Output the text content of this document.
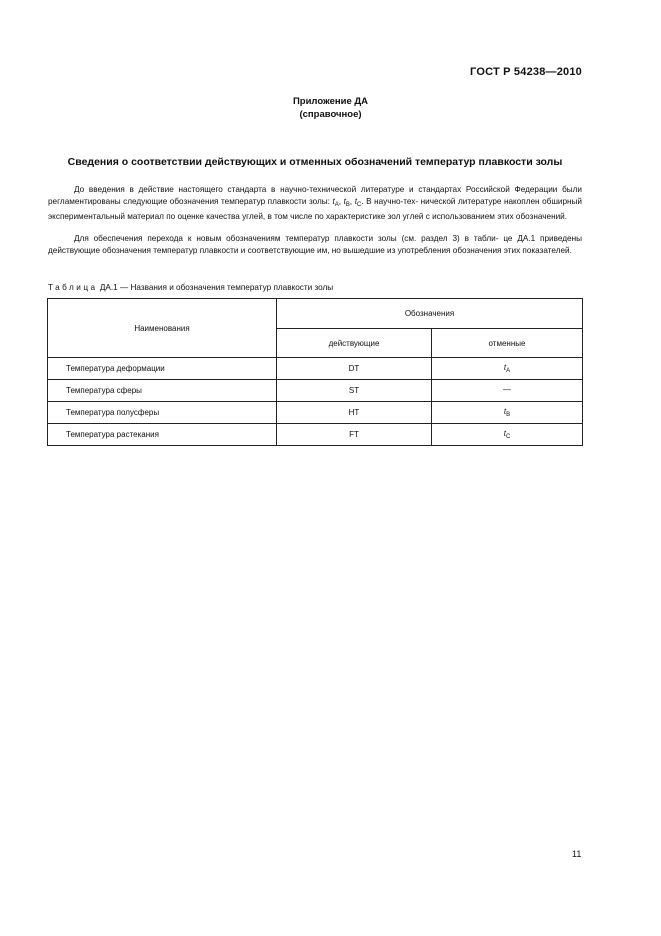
ГОСТ Р 54238—2010
Приложение ДА
(справочное)
Сведения о соответствии действующих и отменных обозначений температур плавкости золы
До введения в действие настоящего стандарта в научно-технической литературе и стандартах Российской Федерации были регламентированы следующие обозначения температур плавкости золы: $t_A$, $t_B$, $t_C$. В научно-тех- нической литературе накоплен обширный экспериментальный материал по оценке качества углей, в том числе по характеристике зол углей с использованием этих обозначений.
Для обеспечения перехода к новым обозначениям температур плавкости золы (см. раздел 3) в табли- це ДА.1 приведены действующие обозначения температур плавкости и соответствующие им, но вышедшие из употребления обозначения этих показателей.
Таблица ДА.1 — Названия и обозначения температур плавкости золы
Наименования	Обозначения	
	действующие	отменные
Температура деформации	DT	$t_A$
Температура сферы	ST	—
Температура полусферы	HT	$t_B$
Температура растекания	FT	$t_C$
11
